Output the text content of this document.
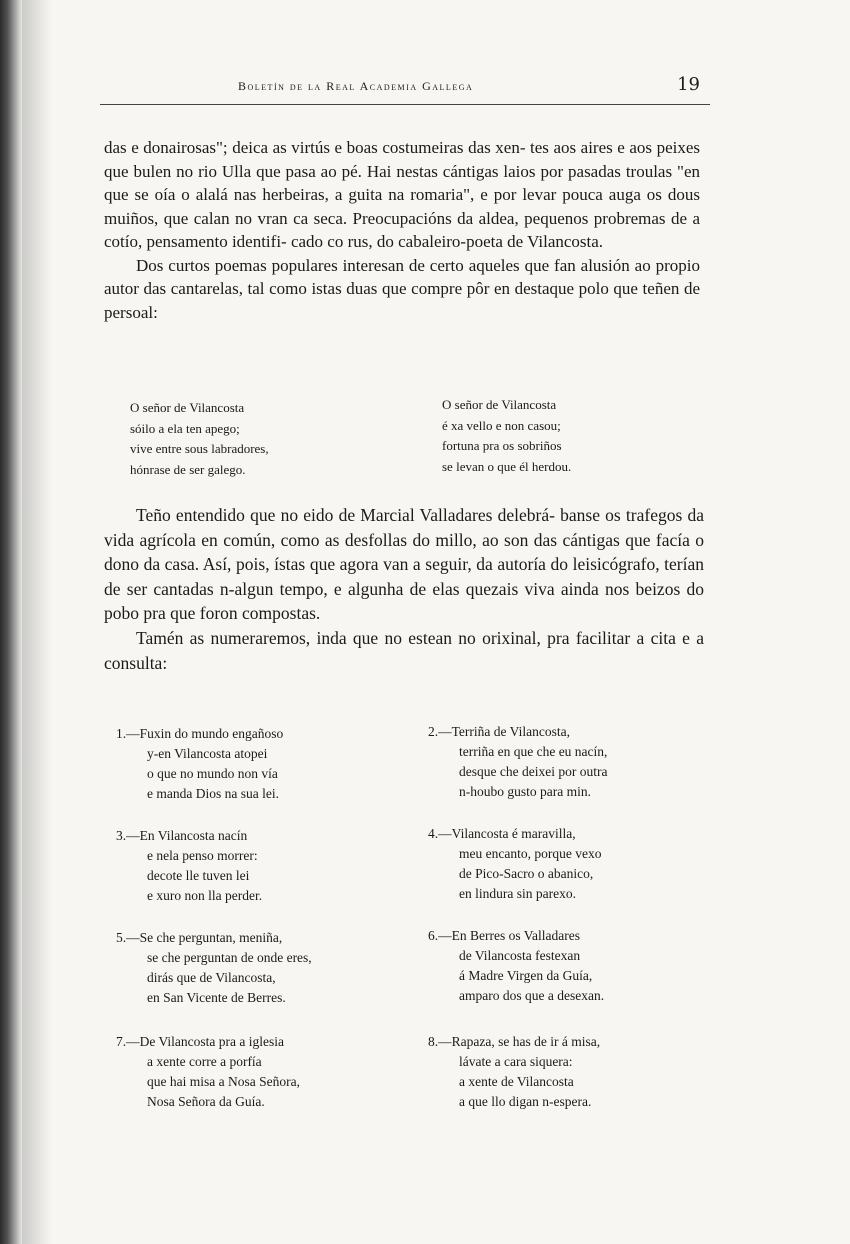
Boletín de la Real Academia Gallega	19

das e donairosas"; deica as virtús e boas costumeiras das xen- tes aos aires e aos peixes que bulen no rio Ulla que pasa ao pé. Hai nestas cántigas laios por pasadas troulas "en que se oía o alalá nas herbeiras, a guita na romaria", e por levar pouca auga os dous muiños, que calan no vran ca seca. Preocupacións da aldea, pequenos probremas de a cotío, pensamento identifi- cado co rus, do cabaleiro-poeta de Vilancosta.

Dos curtos poemas populares interesan de certo aqueles que fan alusión ao propio autor das cantarelas, tal como istas duas que compre pôr en destaque polo que teñen de persoal:

O señor de Vilancosta
sóilo a ela ten apego;
vive entre sous labradores,
hónrase de ser galego.
O señor de Vilancosta
é xa vello e non casou;
fortuna pra os sobriños
se levan o que él herdou.

Teño entendido que no eido de Marcial Valladares delebrá- banse os trafegos da vida agrícola en común, como as desfollas do millo, ao son das cántigas que facía o dono da casa. Así, pois, ístas que agora van a seguir, da autoría do leisicógrafo, terían de ser cantadas n-algun tempo, e algunha de elas quezais viva ainda nos beizos do pobo pra que foron compostas.

Tamén as numeraremos, inda que no estean no orixinal, pra facilitar a cita e a consulta:

1.—Fuxin do mundo engañoso
y-en Vilancosta atopei
o que no mundo non vía
e manda Dios na sua lei.
3.—En Vilancosta nacín
e nela penso morrer:
decote lle tuven lei
e xuro non lla perder.
5.—Se che perguntan, meniña,
se che perguntan de onde eres,
dirás que de Vilancosta,
en San Vicente de Berres.
7.—De Vilancosta pra a iglesia
a xente corre a porfía
que hai misa a Nosa Señora,
Nosa Señora da Guía.
2.—Terriña de Vilancosta,
terriña en que che eu nacín,
desque che deixei por outra
n-houbo gusto para min.
4.—Vilancosta é maravilla,
meu encanto, porque vexo
de Pico-Sacro o abanico,
en lindura sin parexo.
6.—En Berres os Valladares
de Vilancosta festexan
á Madre Virgen da Guía,
amparo dos que a desexan.
8.—Rapaza, se has de ir á misa,
lávate a cara siquera:
a xente de Vilancosta
a que llo digan n-espera.
